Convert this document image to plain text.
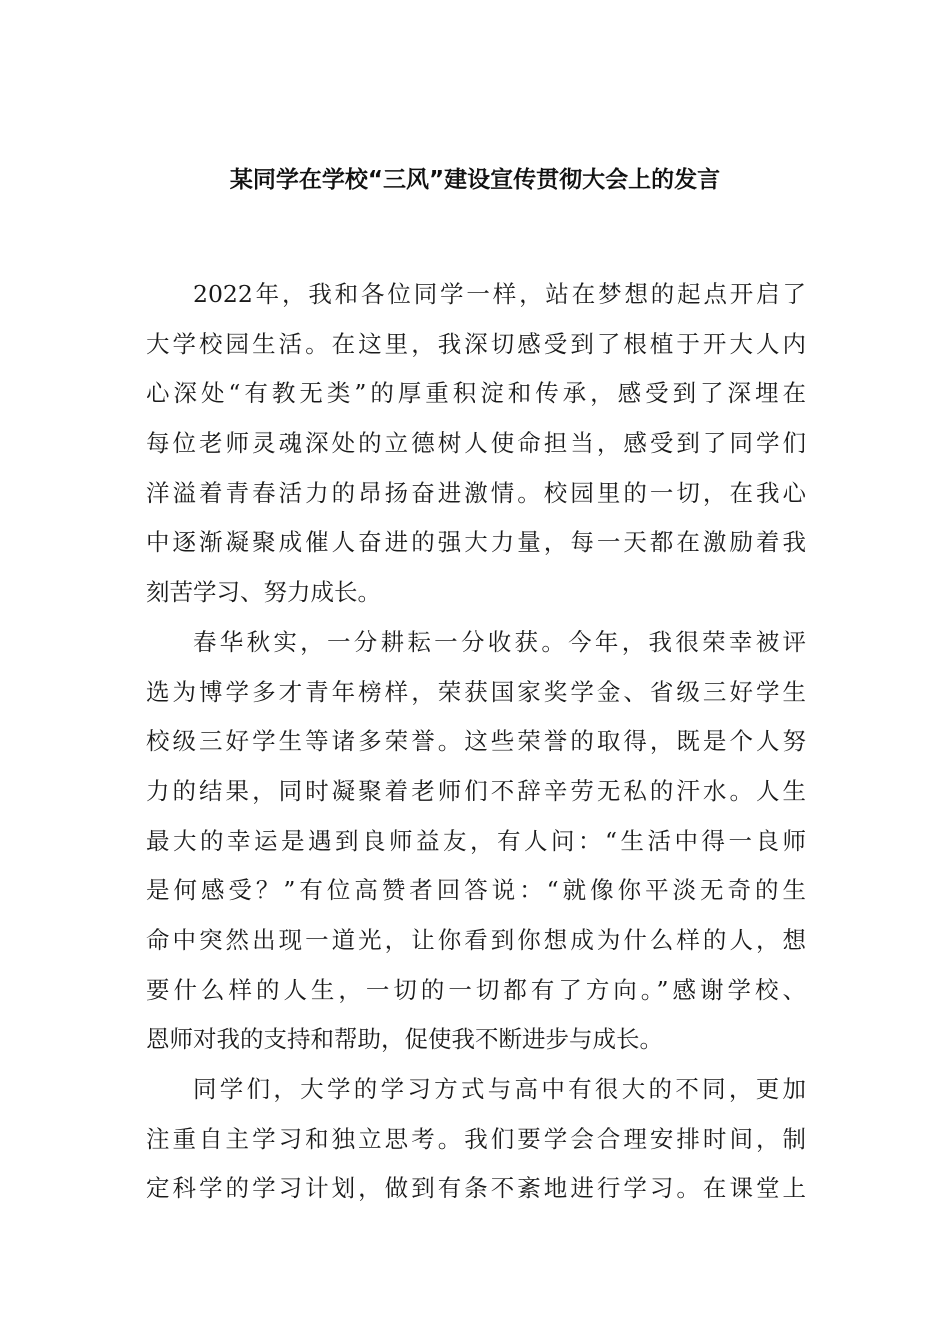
某同学在学校“三风”建设宣传贯彻大会上的发言
2022年，我和各位同学一样，站在梦想的起点开启了
大学校园生活。在这里，我深切感受到了根植于开大人内
心深处“有教无类”的厚重积淀和传承，感受到了深埋在
每位老师灵魂深处的立德树人使命担当，感受到了同学们
洋溢着青春活力的昂扬奋进激情。校园里的一切，在我心
中逐渐凝聚成催人奋进的强大力量，每一天都在激励着我
刻苦学习、努力成长。
春华秋实，一分耕耘一分收获。今年，我很荣幸被评
选为博学多才青年榜样，荣获国家奖学金、省级三好学生
校级三好学生等诸多荣誉。这些荣誉的取得，既是个人努
力的结果，同时凝聚着老师们不辞辛劳无私的汗水。人生
最大的幸运是遇到良师益友，有人问：“生活中得一良师
是何感受？”有位高赞者回答说：“就像你平淡无奇的生
命中突然出现一道光，让你看到你想成为什么样的人，想
要什么样的人生，一切的一切都有了方向。”感谢学校、
恩师对我的支持和帮助，促使我不断进步与成长。
同学们，大学的学习方式与高中有很大的不同，更加
注重自主学习和独立思考。我们要学会合理安排时间，制
定科学的学习计划，做到有条不紊地进行学习。在课堂上
